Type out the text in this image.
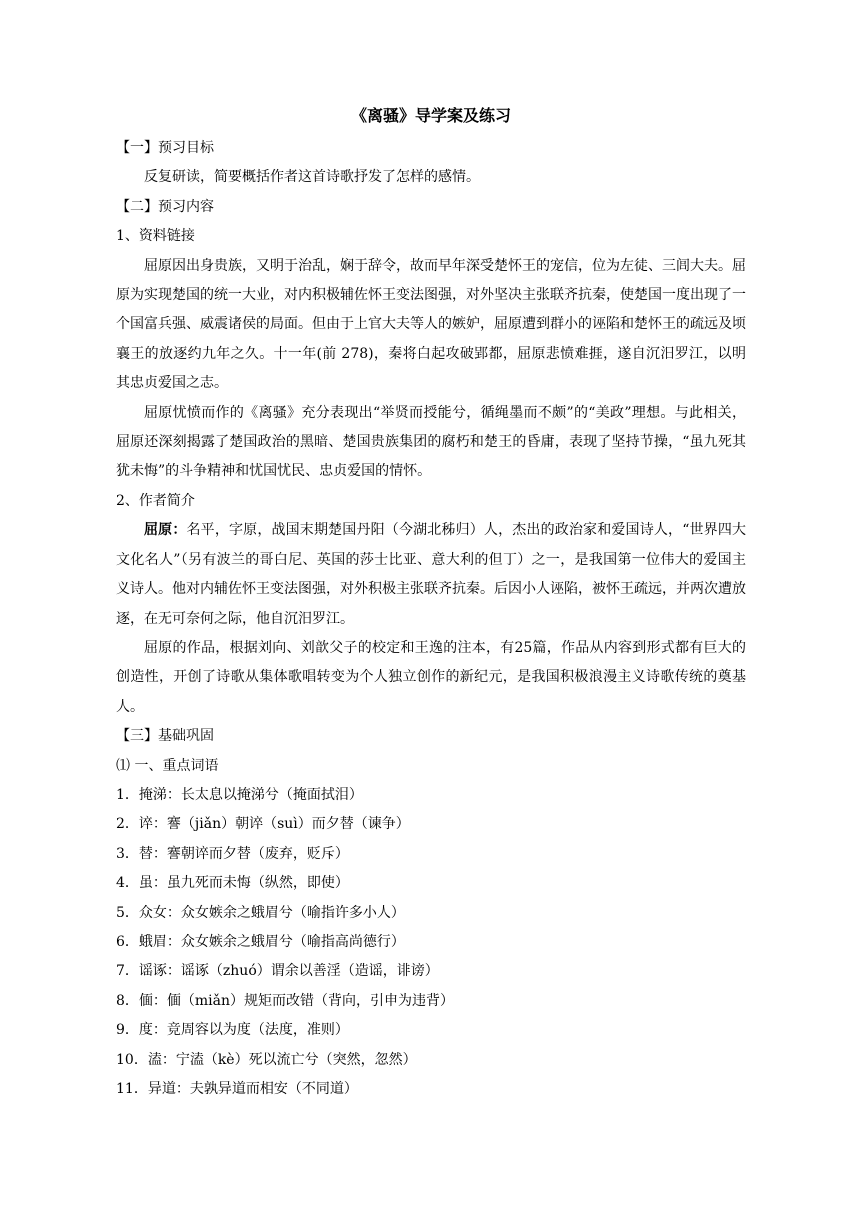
《离骚》导学案及练习

【一】预习目标

反复研读，简要概括作者这首诗歌抒发了怎样的感情。

【二】预习内容

1、资料链接

屈原因出身贵族，又明于治乱，娴于辞令，故而早年深受楚怀王的宠信，位为左徒、三闾大夫。屈原为实现楚国的统一大业，对内积极辅佐怀王变法图强，对外坚决主张联齐抗秦，使楚国一度出现了一个国富兵强、威震诸侯的局面。但由于上官大夫等人的嫉妒，屈原遭到群小的诬陷和楚怀王的疏远及顷襄王的放逐约九年之久。十一年(前 278)，秦将白起攻破郢都，屈原悲愤难捱，遂自沉汨罗江，以明其忠贞爱国之志。

屈原忧愤而作的《离骚》充分表现出“举贤而授能兮，循绳墨而不颇”的“美政”理想。与此相关，屈原还深刻揭露了楚国政治的黑暗、楚国贵族集团的腐朽和楚王的昏庸，表现了坚持节操，“虽九死其犹未悔”的斗争精神和忧国忧民、忠贞爱国的情怀。

2、作者简介

屈原：名平，字原，战国末期楚国丹阳（今湖北秭归）人，杰出的政治家和爱国诗人，“世界四大文化名人”（另有波兰的哥白尼、英国的莎士比亚、意大利的但丁）之一，是我国第一位伟大的爱国主义诗人。他对内辅佐怀王变法图强，对外积极主张联齐抗秦。后因小人诬陷，被怀王疏远，并两次遭放逐，在无可奈何之际，他自沉汨罗江。

屈原的作品，根据刘向、刘歆父子的校定和王逸的注本，有25篇，作品从内容到形式都有巨大的创造性，开创了诗歌从集体歌唱转变为个人独立创作的新纪元，是我国积极浪漫主义诗歌传统的奠基人。

【三】基础巩固

⑴ 一、重点词语

1．掩涕：长太息以掩涕兮（掩面拭泪）

2．谇：謇（jiǎn）朝谇（suì）而夕替（谏争）

3．替：謇朝谇而夕替（废弃，贬斥）

4．虽：虽九死而未悔（纵然，即使）

5．众女：众女嫉余之蛾眉兮（喻指许多小人）

6．蛾眉：众女嫉余之蛾眉兮（喻指高尚德行）

7．谣诼：谣诼（zhuó）谓余以善淫（造谣，诽谤）

8．偭：偭（miǎn）规矩而改错（背向，引申为违背）

9．度：竞周容以为度（法度，准则）

10．溘：宁溘（kè）死以流亡兮（突然，忽然）

11．异道：夫孰异道而相安（不同道）
